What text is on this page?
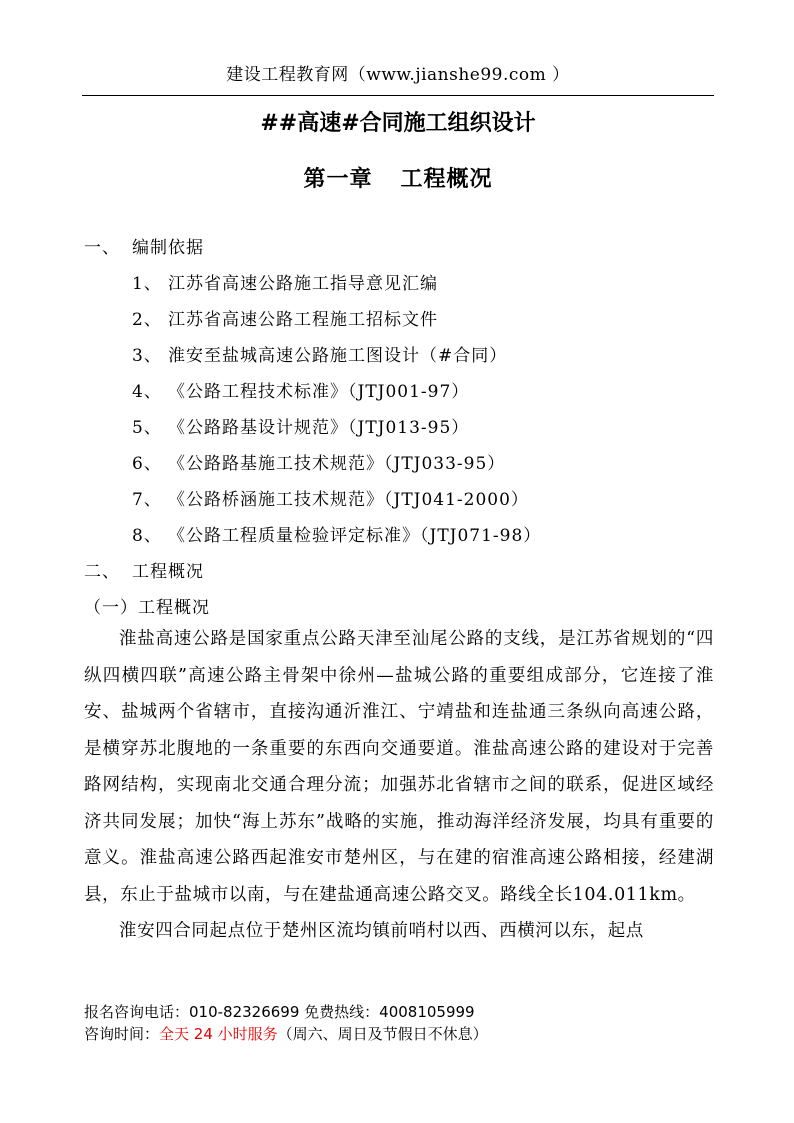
建设工程教育网（www.jianshe99.com ）
##高速#合同施工组织设计
第一章 工程概况
一、 编制依据
1、 江苏省高速公路施工指导意见汇编
2、 江苏省高速公路工程施工招标文件
3、 淮安至盐城高速公路施工图设计（#合同）
4、 《公路工程技术标准》（JTJ001-97）
5、 《公路路基设计规范》（JTJ013-95）
6、 《公路路基施工技术规范》（JTJ033-95）
7、 《公路桥涵施工技术规范》（JTJ041-2000）
8、 《公路工程质量检验评定标准》（JTJ071-98）
二、 工程概况
（一）工程概况

淮盐高速公路是国家重点公路天津至汕尾公路的支线，是江苏省规划的“四纵四横四联”高速公路主骨架中徐州—盐城公路的重要组成部分，它连接了淮安、盐城两个省辖市，直接沟通沂淮江、宁靖盐和连盐通三条纵向高速公路，是横穿苏北腹地的一条重要的东西向交通要道。淮盐高速公路的建设对于完善路网结构，实现南北交通合理分流；加强苏北省辖市之间的联系，促进区域经济共同发展；加快“海上苏东”战略的实施，推动海洋经济发展，均具有重要的意义。淮盐高速公路西起淮安市楚州区，与在建的宿淮高速公路相接，经建湖县，东止于盐城市以南，与在建盐通高速公路交叉。路线全长104.011km。

淮安四合同起点位于楚州区流均镇前哨村以西、西横河以东，起点

报名咨询电话：010-82326699 免费热线：4008105999
咨询时间：全天 24 小时服务（周六、周日及节假日不休息）
